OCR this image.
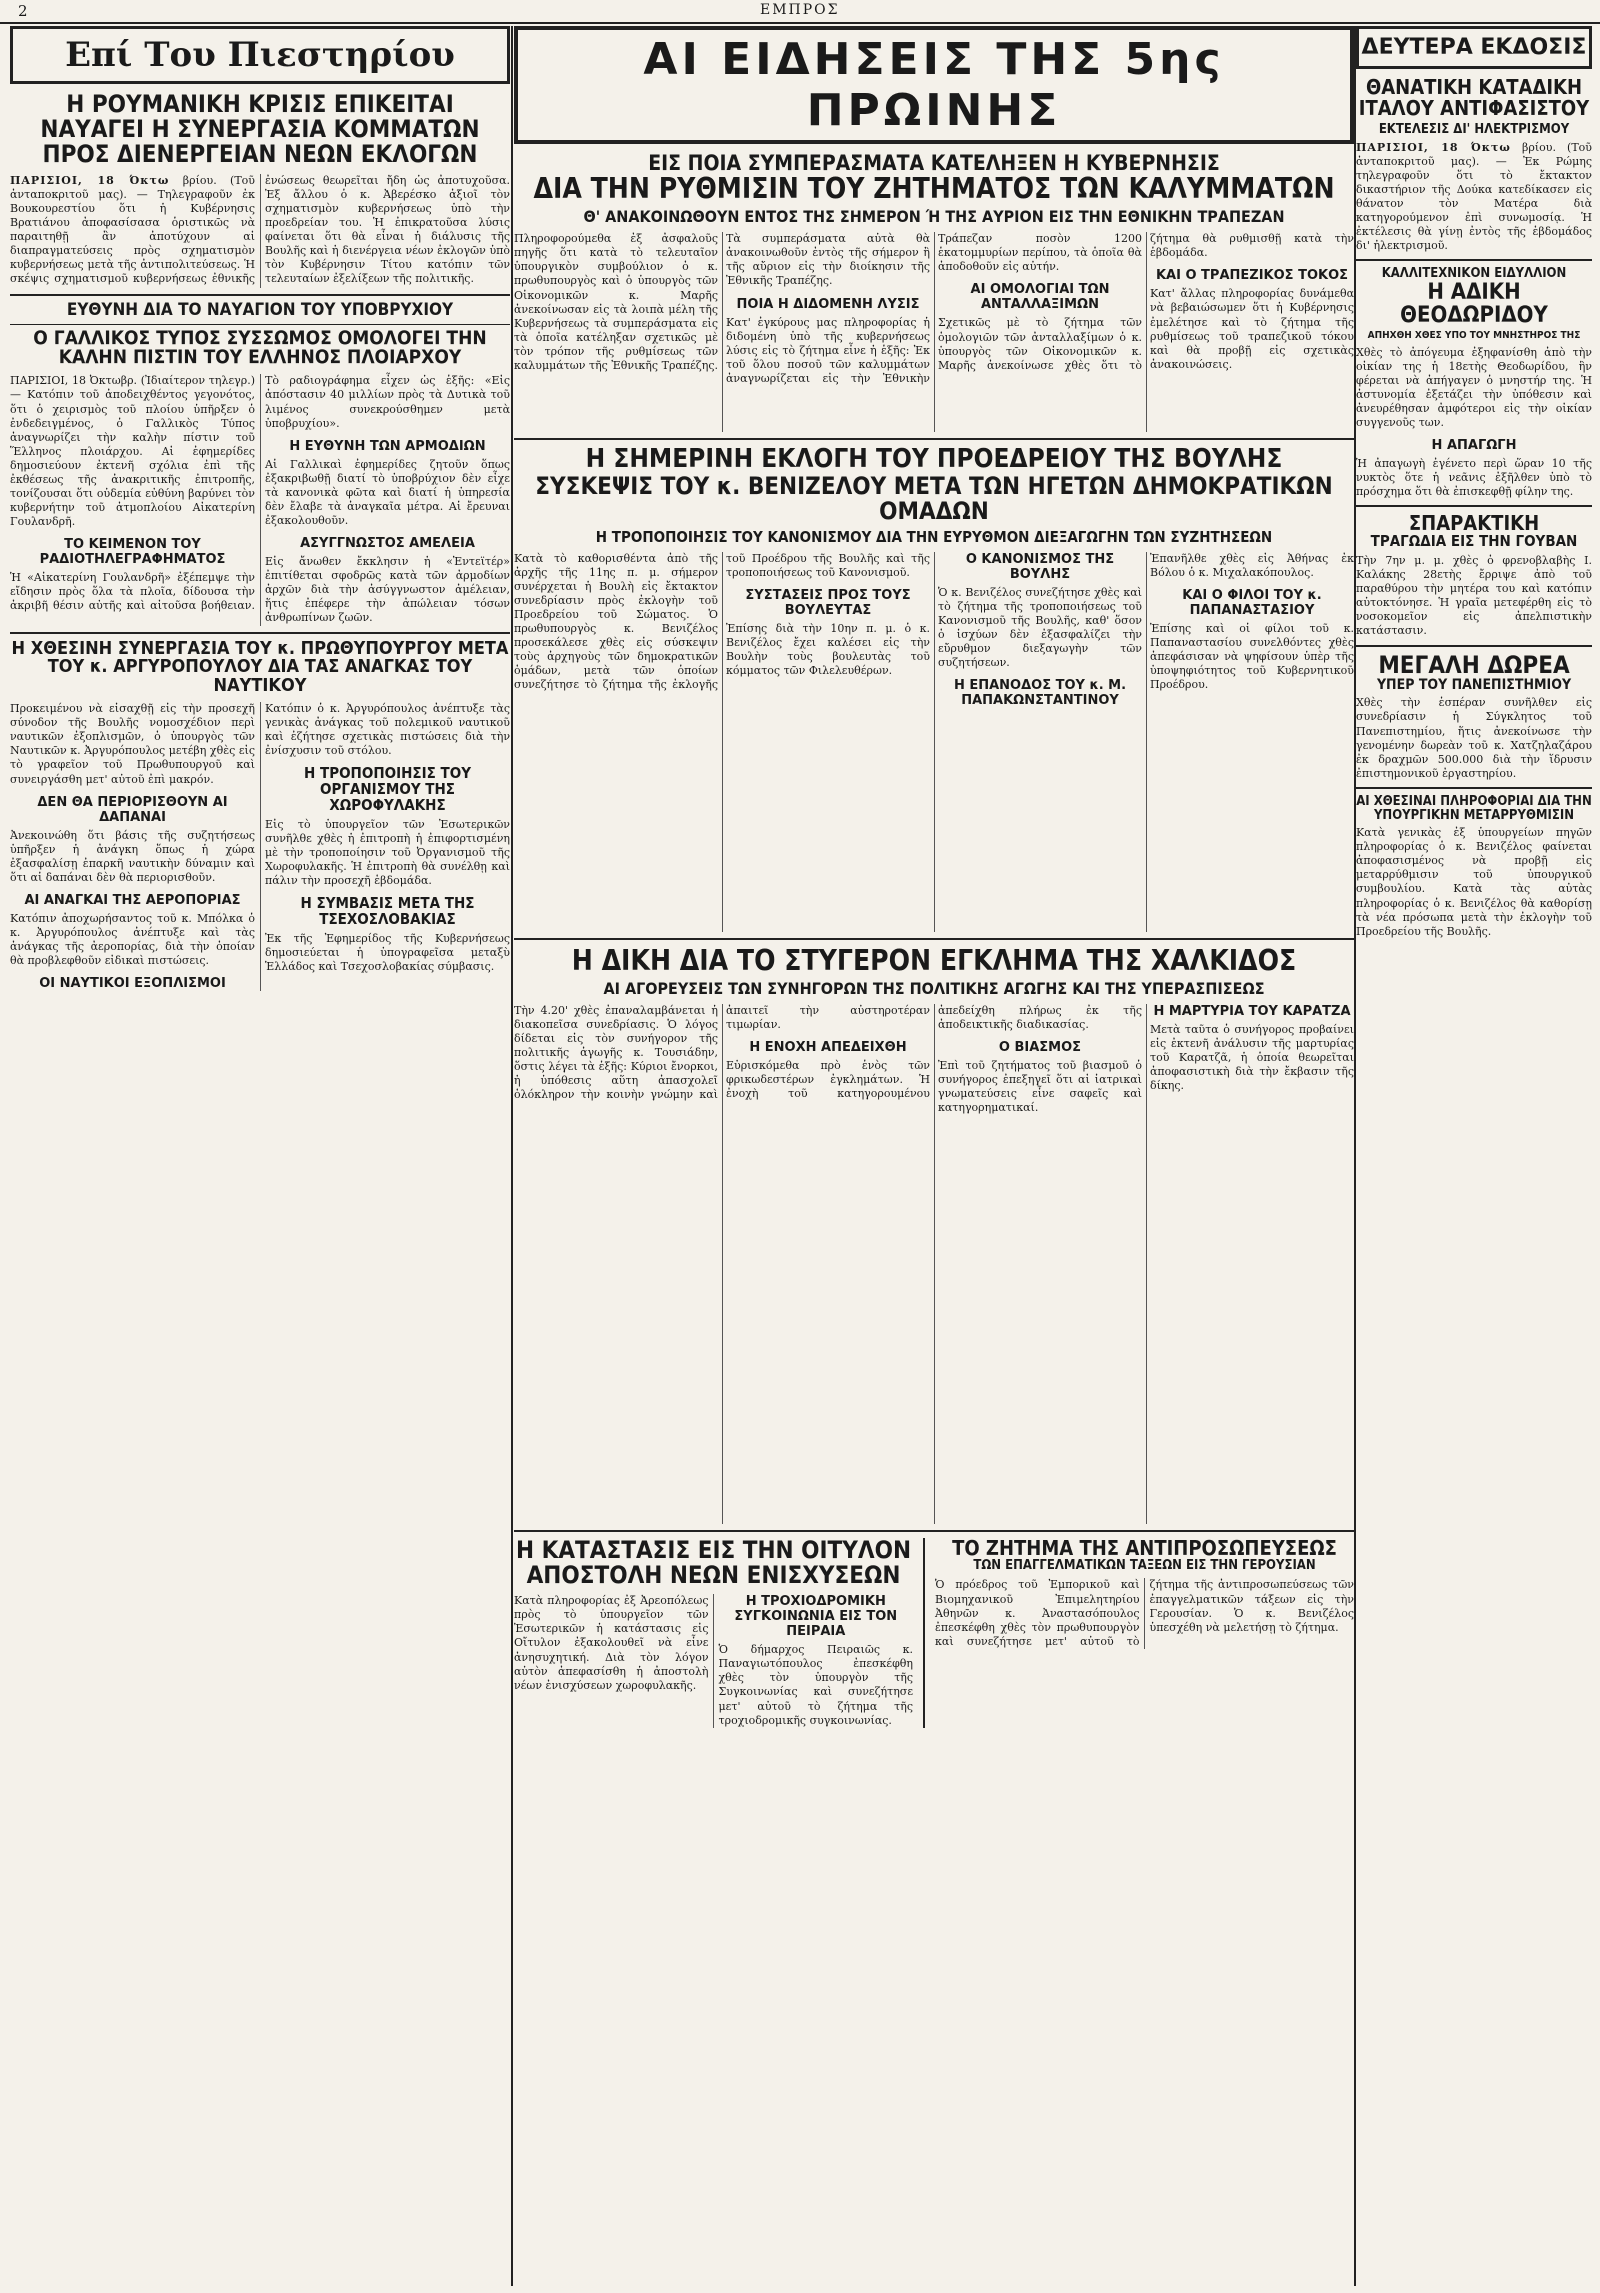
2	ΕΜΠΡΟΣ
Επί Του Πιεστηρίου
Η ΡΟΥΜΑΝΙΚΗ ΚΡΙΣΙΣ ΕΠΙΚΕΙΤΑΙ
ΝΑΥΑΓΕΙ Η ΣΥΝΕΡΓΑΣΙΑ ΚΟΜΜΑΤΩΝ
ΠΡΟΣ ΔΙΕΝΕΡΓΕΙΑΝ ΝΕΩΝ ΕΚΛΟΓΩΝ

ΠΑΡΙΣΙΟΙ, 18 Όκτω βρίου. (Τοῦ ἀνταποκριτοῦ μας). — Τηλεγραφοῦν ἐκ Βουκουρεστίου ὅτι ἡ Κυβέρνησις Βρατιάνου ἀποφασίσασα ὁριστικῶς νὰ παραιτηθῇ ἂν ἀποτύχουν αἱ διαπραγματεύσεις πρὸς σχηματισμὸν κυβερνήσεως μετὰ τῆς ἀντιπολιτεύσεως. Ἡ σκέψις σχηματισμοῦ κυβερνήσεως ἐθνικῆς ἐνώσεως θεωρεῖται ἤδη ὡς ἀποτυχοῦσα. Ἐξ ἄλλου ὁ κ. Ἀβερέσκο ἀξιοῖ τὸν σχηματισμὸν κυβερνήσεως ὑπὸ τὴν προεδρείαν του. Ἡ ἐπικρατοῦσα λύσις φαίνεται ὅτι θὰ εἶναι ἡ διάλυσις τῆς Βουλῆς καὶ ἡ διενέργεια νέων ἐκλογῶν ὑπὸ τὸν Κυβέρνησιν Τίτου κατόπιν τῶν τελευταίων ἐξελίξεων τῆς πολιτικῆς.

ΕΥΘΥΝΗ ΔΙΑ ΤΟ ΝΑΥΑΓΙΟΝ ΤΟΥ ΥΠΟΒΡΥΧΙΟΥ
Ο ΓΑΛΛΙΚΟΣ ΤΥΠΟΣ ΣΥΣΣΩΜΟΣ ΟΜΟΛΟΓΕΙ ΤΗΝ ΚΑΛΗΝ ΠΙΣΤΙΝ ΤΟΥ ΕΛΛΗΝΟΣ ΠΛΟΙΑΡΧΟΥ

ΠΑΡΙΣΙΟΙ, 18 Ὀκτωβρ. (Ἰδιαίτερον τηλεγρ.) — Κατόπιν τοῦ ἀποδειχθέντος γεγονότος, ὅτι ὁ χειρισμὸς τοῦ πλοίου ὑπῆρξεν ὁ ἐνδεδειγμένος, ὁ Γαλλικὸς Τύπος ἀναγνωρίζει τὴν καλὴν πίστιν τοῦ Ἕλληνος πλοιάρχου. Αἱ ἐφημερίδες δημοσιεύουν ἐκτενῆ σχόλια ἐπὶ τῆς ἐκθέσεως τῆς ἀνακριτικῆς ἐπιτροπῆς, τονίζουσαι ὅτι οὐδεμία εὐθύνη βαρύνει τὸν κυβερνήτην τοῦ ἀτμοπλοίου Αἰκατερίνη Γουλανδρῆ.

ΤΟ ΚΕΙΜΕΝΟΝ ΤΟΥ ΡΑΔΙΟΤΗΛΕΓΡΑΦΗΜΑΤΟΣ

Ἡ «Αἰκατερίνη Γουλανδρῆ» ἐξέπεμψε τὴν εἴδησιν πρὸς ὅλα τὰ πλοῖα, δίδουσα τὴν ἀκριβῆ θέσιν αὐτῆς καὶ αἰτοῦσα βοήθειαν. Τὸ ραδιογράφημα εἶχεν ὡς ἑξῆς: «Εἰς ἀπόστασιν 40 μιλλίων πρὸς τὰ Δυτικὰ τοῦ λιμένος συνεκρούσθημεν μετὰ ὑποβρυχίου».

Η ΕΥΘΥΝΗ ΤΩΝ ΑΡΜΟΔΙΩΝ

Αἱ Γαλλικαὶ ἐφημερίδες ζητοῦν ὅπως ἐξακριβωθῇ διατί τὸ ὑποβρύχιον δὲν εἶχε τὰ κανονικὰ φῶτα καὶ διατί ἡ ὑπηρεσία δὲν ἔλαβε τὰ ἀναγκαῖα μέτρα. Αἱ ἔρευναι ἐξακολουθοῦν.

ΑΣΥΓΓΝΩΣΤΟΣ ΑΜΕΛΕΙΑ

Εἰς ἄνωθεν ἔκκλησιν ἡ «Ἐντεϊτέρ» ἐπιτίθεται σφοδρῶς κατὰ τῶν ἀρμοδίων ἀρχῶν διὰ τὴν ἀσύγγνωστον ἀμέλειαν, ἥτις ἐπέφερε τὴν ἀπώλειαν τόσων ἀνθρωπίνων ζωῶν.

Η ΧΘΕΣΙΝΗ ΣΥΝΕΡΓΑΣΙΑ ΤΟΥ κ. ΠΡΩΘΥΠΟΥΡΓΟΥ ΜΕΤΑ ΤΟΥ κ. ΑΡΓΥΡΟΠΟΥΛΟΥ ΔΙΑ ΤΑΣ ΑΝΑΓΚΑΣ ΤΟΥ ΝΑΥΤΙΚΟΥ

Προκειμένου νὰ εἰσαχθῇ εἰς τὴν προσεχῆ σύνοδον τῆς Βουλῆς νομοσχέδιον περὶ ναυτικῶν ἐξοπλισμῶν, ὁ ὑπουργὸς τῶν Ναυτικῶν κ. Ἀργυρόπουλος μετέβη χθὲς εἰς τὸ γραφεῖον τοῦ Πρωθυπουργοῦ καὶ συνειργάσθη μετ' αὐτοῦ ἐπὶ μακρόν.

ΔΕΝ ΘΑ ΠΕΡΙΟΡΙΣΘΟΥΝ ΑΙ ΔΑΠΑΝΑΙ

Ἀνεκοινώθη ὅτι βάσις τῆς συζητήσεως ὑπῆρξεν ἡ ἀνάγκη ὅπως ἡ χώρα ἐξασφαλίσῃ ἐπαρκῆ ναυτικὴν δύναμιν καὶ ὅτι αἱ δαπάναι δὲν θὰ περιορισθοῦν.

ΑΙ ΑΝΑΓΚΑΙ ΤΗΣ ΑΕΡΟΠΟΡΙΑΣ

Κατόπιν ἀποχωρήσαντος τοῦ κ. Μπόλκα ὁ κ. Ἀργυρόπουλος ἀνέπτυξε καὶ τὰς ἀνάγκας τῆς ἀεροπορίας, διὰ τὴν ὁποίαν θὰ προβλεφθοῦν εἰδικαὶ πιστώσεις.

ΟΙ ΝΑΥΤΙΚΟΙ ΕΞΟΠΛΙΣΜΟΙ

Κατόπιν ὁ κ. Ἀργυρόπουλος ἀνέπτυξε τὰς γενικὰς ἀνάγκας τοῦ πολεμικοῦ ναυτικοῦ καὶ ἐζήτησε σχετικὰς πιστώσεις διὰ τὴν ἐνίσχυσιν τοῦ στόλου.

Η ΤΡΟΠΟΠΟΙΗΣΙΣ ΤΟΥ ΟΡΓΑΝΙΣΜΟΥ ΤΗΣ ΧΩΡΟΦΥΛΑΚΗΣ

Εἰς τὸ ὑπουργεῖον τῶν Ἐσωτερικῶν συνῆλθε χθὲς ἡ ἐπιτροπὴ ἡ ἐπιφορτισμένη μὲ τὴν τροποποίησιν τοῦ Ὀργανισμοῦ τῆς Χωροφυλακῆς. Ἡ ἐπιτροπὴ θὰ συνέλθῃ καὶ πάλιν τὴν προσεχῆ ἑβδομάδα.

Η ΣΥΜΒΑΣΙΣ ΜΕΤΑ ΤΗΣ ΤΣΕΧΟΣΛΟΒΑΚΙΑΣ

Ἐκ τῆς Ἐφημερίδος τῆς Κυβερνήσεως δημοσιεύεται ἡ ὑπογραφεῖσα μεταξὺ Ἑλλάδος καὶ Τσεχοσλοβακίας σύμβασις.

ΑΙ ΕΙΔΗΣΕΙΣ ΤΗΣ 5ης ΠΡΩΙΝΗΣ
ΕΙΣ ΠΟΙΑ ΣΥΜΠΕΡΑΣΜΑΤΑ ΚΑΤΕΛΗΞΕΝ Η ΚΥΒΕΡΝΗΣΙΣ
ΔΙΑ ΤΗΝ ΡΥΘΜΙΣΙΝ ΤΟΥ ΖΗΤΗΜΑΤΟΣ ΤΩΝ ΚΑΛΥΜΜΑΤΩΝ
Θ' ΑΝΑΚΟΙΝΩΘΟΥΝ ΕΝΤΟΣ ΤΗΣ ΣΗΜΕΡΟΝ Ή ΤΗΣ ΑΥΡΙΟΝ ΕΙΣ ΤΗΝ ΕΘΝΙΚΗΝ ΤΡΑΠΕΖΑΝ

Πληροφορούμεθα ἐξ ἀσφαλοῦς πηγῆς ὅτι κατὰ τὸ τελευταῖον ὑπουργικὸν συμβούλιον ὁ κ. πρωθυπουργὸς καὶ ὁ ὑπουργὸς τῶν Οἰκονομικῶν κ. Μαρῆς ἀνεκοίνωσαν εἰς τὰ λοιπὰ μέλη τῆς Κυβερνήσεως τὰ συμπεράσματα εἰς τὰ ὁποῖα κατέληξαν σχετικῶς μὲ τὸν τρόπον τῆς ρυθμίσεως τῶν καλυμμάτων τῆς Ἐθνικῆς Τραπέζης. Τὰ συμπεράσματα αὐτὰ θὰ ἀνακοινωθοῦν ἐντὸς τῆς σήμερον ἢ τῆς αὔριον εἰς τὴν διοίκησιν τῆς Ἐθνικῆς Τραπέζης.

ΠΟΙΑ Η ΔΙΔΟΜΕΝΗ ΛΥΣΙΣ

Κατ' ἐγκύρους μας πληροφορίας ἡ διδομένη ὑπὸ τῆς κυβερνήσεως λύσις εἰς τὸ ζήτημα εἶνε ἡ ἑξῆς: Ἐκ τοῦ ὅλου ποσοῦ τῶν καλυμμάτων ἀναγνωρίζεται εἰς τὴν Ἐθνικὴν Τράπεζαν ποσὸν 1200 ἑκατομμυρίων περίπου, τὰ ὁποῖα θὰ ἀποδοθοῦν εἰς αὐτήν.

ΑΙ ΟΜΟΛΟΓΙΑΙ ΤΩΝ ΑΝΤΑΛΛΑΞΙΜΩΝ

Σχετικῶς μὲ τὸ ζήτημα τῶν ὁμολογιῶν τῶν ἀνταλλαξίμων ὁ κ. ὑπουργὸς τῶν Οἰκονομικῶν κ. Μαρῆς ἀνεκοίνωσε χθὲς ὅτι τὸ ζήτημα θὰ ρυθμισθῇ κατὰ τὴν ἑβδομάδα.

ΚΑΙ Ο ΤΡΑΠΕΖΙΚΟΣ ΤΟΚΟΣ

Κατ' ἄλλας πληροφορίας δυνάμεθα νὰ βεβαιώσωμεν ὅτι ἡ Κυβέρνησις ἐμελέτησε καὶ τὸ ζήτημα τῆς ρυθμίσεως τοῦ τραπεζικοῦ τόκου καὶ θὰ προβῇ εἰς σχετικὰς ἀνακοινώσεις.

Η ΣΗΜΕΡΙΝΗ ΕΚΛΟΓΗ ΤΟΥ ΠΡΟΕΔΡΕΙΟΥ ΤΗΣ ΒΟΥΛΗΣ
ΣΥΣΚΕΨΙΣ ΤΟΥ κ. ΒΕΝΙΖΕΛΟΥ ΜΕΤΑ ΤΩΝ ΗΓΕΤΩΝ ΔΗΜΟΚΡΑΤΙΚΩΝ ΟΜΑΔΩΝ
Η ΤΡΟΠΟΠΟΙΗΣΙΣ ΤΟΥ ΚΑΝΟΝΙΣΜΟΥ ΔΙΑ ΤΗΝ ΕΥΡΥΘΜΟΝ ΔΙΕΞΑΓΩΓΗΝ ΤΩΝ ΣΥΖΗΤΗΣΕΩΝ

Κατὰ τὸ καθορισθέντα ἀπὸ τῆς ἀρχῆς τῆς 11ης π. μ. σήμερον συνέρχεται ἡ Βουλὴ εἰς ἔκτακτον συνεδρίασιν πρὸς ἐκλογὴν τοῦ Προεδρείου τοῦ Σώματος. Ὁ πρωθυπουργὸς κ. Βενιζέλος προσεκάλεσε χθὲς εἰς σύσκεψιν τοὺς ἀρχηγοὺς τῶν δημοκρατικῶν ὁμάδων, μετὰ τῶν ὁποίων συνεζήτησε τὸ ζήτημα τῆς ἐκλογῆς τοῦ Προέδρου τῆς Βουλῆς καὶ τῆς τροποποιήσεως τοῦ Κανονισμοῦ.

ΣΥΣΤΑΣΕΙΣ ΠΡΟΣ ΤΟΥΣ ΒΟΥΛΕΥΤΑΣ

Ἐπίσης διὰ τὴν 10ην π. μ. ὁ κ. Βενιζέλος ἔχει καλέσει εἰς τὴν Βουλὴν τοὺς βουλευτὰς τοῦ κόμματος τῶν Φιλελευθέρων.

Ο ΚΑΝΟΝΙΣΜΟΣ ΤΗΣ ΒΟΥΛΗΣ

Ὁ κ. Βενιζέλος συνεζήτησε χθὲς καὶ τὸ ζήτημα τῆς τροποποιήσεως τοῦ Κανονισμοῦ τῆς Βουλῆς, καθ' ὅσον ὁ ἰσχύων δὲν ἐξασφαλίζει τὴν εὔρυθμον διεξαγωγὴν τῶν συζητήσεων.

Η ΕΠΑΝΟΔΟΣ ΤΟΥ κ. Μ. ΠΑΠΑΚΩΝΣΤΑΝΤΙΝΟΥ

Ἐπανῆλθε χθὲς εἰς Ἀθήνας ἐκ Βόλου ὁ κ. Μιχαλακόπουλος.

ΚΑΙ Ο ΦΙΛΟΙ ΤΟΥ κ. ΠΑΠΑΝΑΣΤΑΣΙΟΥ

Ἐπίσης καὶ οἱ φίλοι τοῦ κ. Παπαναστασίου συνελθόντες χθὲς ἀπεφάσισαν νὰ ψηφίσουν ὑπὲρ τῆς ὑποψηφιότητος τοῦ Κυβερνητικοῦ Προέδρου.

Η ΔΙΚΗ ΔΙΑ ΤΟ ΣΤΥΓΕΡΟΝ ΕΓΚΛΗΜΑ ΤΗΣ ΧΑΛΚΙΔΟΣ
ΑΙ ΑΓΟΡΕΥΣΕΙΣ ΤΩΝ ΣΥΝΗΓΟΡΩΝ ΤΗΣ ΠΟΛΙΤΙΚΗΣ ΑΓΩΓΗΣ ΚΑΙ ΤΗΣ ΥΠΕΡΑΣΠΙΣΕΩΣ

Τὴν 4.20' χθὲς ἐπαναλαμβάνεται ἡ διακοπεῖσα συνεδρίασις. Ὁ λόγος δίδεται εἰς τὸν συνήγορον τῆς πολιτικῆς ἀγωγῆς κ. Τουσιάδην, ὅστις λέγει τὰ ἑξῆς: Κύριοι ἔνορκοι, ἡ ὑπόθεσις αὕτη ἀπασχολεῖ ὁλόκληρον τὴν κοινὴν γνώμην καὶ ἀπαιτεῖ τὴν αὐστηροτέραν τιμωρίαν.

Η ΕΝΟΧΗ ΑΠΕΔΕΙΧΘΗ

Εὑρισκόμεθα πρὸ ἑνὸς τῶν φρικωδεστέρων ἐγκλημάτων. Ἡ ἐνοχὴ τοῦ κατηγορουμένου ἀπεδείχθη πλήρως ἐκ τῆς ἀποδεικτικῆς διαδικασίας.

Ο ΒΙΑΣΜΟΣ

Ἐπὶ τοῦ ζητήματος τοῦ βιασμοῦ ὁ συνήγορος ἐπεξηγεῖ ὅτι αἱ ἰατρικαὶ γνωματεύσεις εἶνε σαφεῖς καὶ κατηγορηματικαί.

Η ΜΑΡΤΥΡΙΑ ΤΟΥ ΚΑΡΑΤΖΑ

Μετὰ ταῦτα ὁ συνήγορος προβαίνει εἰς ἐκτενῆ ἀνάλυσιν τῆς μαρτυρίας τοῦ Καρατζᾶ, ἡ ὁποία θεωρεῖται ἀποφασιστικὴ διὰ τὴν ἔκβασιν τῆς δίκης.

Η ΚΑΤΑΣΤΑΣΙΣ ΕΙΣ ΤΗΝ ΟΙΤΥΛΟΝ
ΑΠΟΣΤΟΛΗ ΝΕΩΝ ΕΝΙΣΧΥΣΕΩΝ

Κατὰ πληροφορίας ἐξ Ἀρεοπόλεως πρὸς τὸ ὑπουργεῖον τῶν Ἐσωτερικῶν ἡ κατάστασις εἰς Οἴτυλον ἐξακολουθεῖ νὰ εἶνε ἀνησυχητική. Διὰ τὸν λόγον αὐτὸν ἀπεφασίσθη ἡ ἀποστολὴ νέων ἐνισχύσεων χωροφυλακῆς.

Η ΤΡΟΧΙΟΔΡΟΜΙΚΗ ΣΥΓΚΟΙΝΩΝΙΑ ΕΙΣ ΤΟΝ ΠΕΙΡΑΙΑ

Ὁ δήμαρχος Πειραιῶς κ. Παναγιωτόπουλος ἐπεσκέφθη χθὲς τὸν ὑπουργὸν τῆς Συγκοινωνίας καὶ συνεζήτησε μετ' αὐτοῦ τὸ ζήτημα τῆς τροχιοδρομικῆς συγκοινωνίας.

ΤΟ ΖΗΤΗΜΑ ΤΗΣ ΑΝΤΙΠΡΟΣΩΠΕΥΣΕΩΣ
ΤΩΝ ΕΠΑΓΓΕΛΜΑΤΙΚΩΝ ΤΑΞΕΩΝ ΕΙΣ ΤΗΝ ΓΕΡΟΥΣΙΑΝ

Ὁ πρόεδρος τοῦ Ἐμπορικοῦ καὶ Βιομηχανικοῦ Ἐπιμελητηρίου Ἀθηνῶν κ. Ἀναστασόπουλος ἐπεσκέφθη χθὲς τὸν πρωθυπουργὸν καὶ συνεζήτησε μετ' αὐτοῦ τὸ ζήτημα τῆς ἀντιπροσωπεύσεως τῶν ἐπαγγελματικῶν τάξεων εἰς τὴν Γερουσίαν. Ὁ κ. Βενιζέλος ὑπεσχέθη νὰ μελετήσῃ τὸ ζήτημα.

ΔΕΥΤΕΡΑ ΕΚΔΟΣΙΣ
ΘΑΝΑΤΙΚΗ ΚΑΤΑΔΙΚΗ ΙΤΑΛΟΥ ΑΝΤΙΦΑΣΙΣΤΟΥ
ΕΚΤΕΛΕΣΙΣ ΔΙ' ΗΛΕΚΤΡΙΣΜΟΥ

ΠΑΡΙΣΙΟΙ, 18 Όκτω βρίου. (Τοῦ ἀνταποκριτοῦ μας). — Ἐκ Ρώμης τηλεγραφοῦν ὅτι τὸ ἔκτακτον δικαστήριον τῆς Δούκα κατεδίκασεν εἰς θάνατον τὸν Ματέρα διὰ κατηγορούμενον ἐπὶ συνωμοσίᾳ. Ἡ ἐκτέλεσις θὰ γίνῃ ἐντὸς τῆς ἑβδομάδος δι' ἠλεκτρισμοῦ.

ΚΑΛΛΙΤΕΧΝΙΚΟΝ ΕΙΔΥΛΛΙΟΝ
Η ΑΔΙΚΗ ΘΕΟΔΩΡΙΔΟΥ
ΑΠΗΧΘΗ ΧΘΕΣ ΥΠΟ ΤΟΥ ΜΝΗΣΤΗΡΟΣ ΤΗΣ

Χθὲς τὸ ἀπόγευμα ἐξηφανίσθη ἀπὸ τὴν οἰκίαν της ἡ 18ετὴς Θεοδωρίδου, ἣν φέρεται νὰ ἀπήγαγεν ὁ μνηστήρ της. Ἡ ἀστυνομία ἐξετάζει τὴν ὑπόθεσιν καὶ ἀνευρέθησαν ἀμφότεροι εἰς τὴν οἰκίαν συγγενοῦς των.

Η ΑΠΑΓΩΓΗ

Ἡ ἀπαγωγὴ ἐγένετο περὶ ὥραν 10 τῆς νυκτὸς ὅτε ἡ νεᾶνις ἐξῆλθεν ὑπὸ τὸ πρόσχημα ὅτι θὰ ἐπισκεφθῇ φίλην της.

ΣΠΑΡΑΚΤΙΚΗ
ΤΡΑΓΩΔΙΑ ΕΙΣ ΤΗΝ ΓΟΥΒΑΝ

Τὴν 7ην μ. μ. χθὲς ὁ φρενοβλαβὴς Ι. Καλάκης 28ετὴς ἔρριψε ἀπὸ τοῦ παραθύρου τὴν μητέρα του καὶ κατόπιν αὐτοκτόνησε. Ἡ γραῖα μετεφέρθη εἰς τὸ νοσοκομεῖον εἰς ἀπελπιστικὴν κατάστασιν.

ΜΕΓΑΛΗ ΔΩΡΕΑ
ΥΠΕΡ ΤΟΥ ΠΑΝΕΠΙΣΤΗΜΙΟΥ

Χθὲς τὴν ἑσπέραν συνῆλθεν εἰς συνεδρίασιν ἡ Σύγκλητος τοῦ Πανεπιστημίου, ἥτις ἀνεκοίνωσε τὴν γενομένην δωρεὰν τοῦ κ. Χατζηλαζάρου ἐκ δραχμῶν 500.000 διὰ τὴν ἵδρυσιν ἐπιστημονικοῦ ἐργαστηρίου.

ΑΙ ΧΘΕΣΙΝΑΙ ΠΛΗΡΟΦΟΡΙΑΙ ΔΙΑ ΤΗΝ ΥΠΟΥΡΓΙΚΗΝ ΜΕΤΑΡΡΥΘΜΙΣΙΝ

Κατὰ γενικὰς ἐξ ὑπουργείων πηγῶν πληροφορίας ὁ κ. Βενιζέλος φαίνεται ἀποφασισμένος νὰ προβῇ εἰς μεταρρύθμισιν τοῦ ὑπουργικοῦ συμβουλίου. Κατὰ τὰς αὐτὰς πληροφορίας ὁ κ. Βενιζέλος θὰ καθορίσῃ τὰ νέα πρόσωπα μετὰ τὴν ἐκλογὴν τοῦ Προεδρείου τῆς Βουλῆς.
